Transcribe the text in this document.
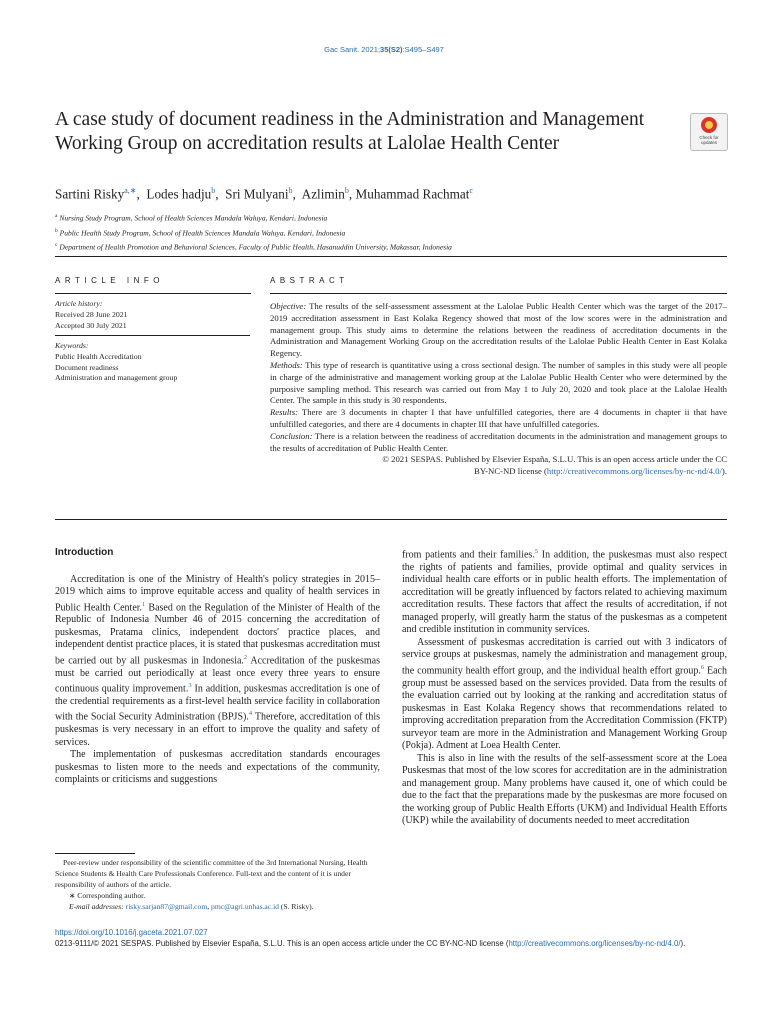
Gac Sanit. 2021;35(S2):S495–S497
A case study of document readiness in the Administration and Management Working Group on accreditation results at Lalolae Health Center	Check for
updates
Sartini Risky$^{a,∗}$,  Lodes hadju$^b$,  Sri Mulyani$^b$,  Azlimin$^b$, Muhammad Rachmat$^c$
$^a$ Nursing Study Program, School of Health Sciences Mandala Waluya, Kendari, Indonesia
$^b$ Public Health Study Program, School of Health Sciences Mandala Waluya, Kendari, Indonesia
$^c$ Department of Health Promotion and Behavioral Sciences, Faculty of Public Health, Hasanuddin University, Makassar, Indonesia
ARTICLE INFO	ABSTRACT
Article history:
Received 28 June 2021
Accepted 30 July 2021
Keywords:
Public Health Accreditation
Document readiness
Administration and management group

Objective: The results of the self-assessment assessment at the Lalolae Public Health Center which was the target of the 2017–2019 accreditation assessment in East Kolaka Regency showed that most of the low scores were in the administration and management group. This study aims to determine the relations between the readiness of accreditation documents in the Administration and Management Working Group on the accreditation results of the Lalolae Public Health Center in East Kolaka Regency.

Methods: This type of research is quantitative using a cross sectional design. The number of samples in this study were all people in charge of the administrative and management working group at the Lalolae Public Health Center who were determined by the purposive sampling method. This research was carried out from May 1 to July 20, 2020 and took place at the Lalolae Health Center. The sample in this study is 30 respondents.

Results: There are 3 documents in chapter I that have unfulfilled categories, there are 4 documents in chapter ii that have unfulfilled categories, and there are 4 documents in chapter III that have unfulfilled categories.

Conclusion: There is a relation between the readiness of accreditation documents in the administration and management groups to the results of accreditation of Public Health Center.

© 2021 SESPAS. Published by Elsevier España, S.L.U. This is an open access article under the CC
BY-NC-ND license (http://creativecommons.org/licenses/by-nc-nd/4.0/).

Introduction

Accreditation is one of the Ministry of Health's policy strategies in 2015–2019 which aims to improve equitable access and quality of health services in Public Health Center.$^1$ Based on the Regulation of the Minister of Health of the Republic of Indonesia Number 46 of 2015 concerning the accreditation of puskesmas, Pratama clinics, independent doctors' practice places, and independent dentist practice places, it is stated that puskesmas accreditation must be carried out by all puskesmas in Indonesia.$^2$ Accreditation of the puskesmas must be carried out periodically at least once every three years to ensure continuous quality improvement.$^3$ In addition, puskesmas accreditation is one of the credential requirements as a first-level health service facility in collaboration with the Social Security Administration (BPJS).$^4$ Therefore, accreditation of this puskesmas is very necessary in an effort to improve the quality and safety of services.

The implementation of puskesmas accreditation standards encourages puskesmas to listen more to the needs and expectations of the community, complaints or criticisms and suggestions

from patients and their families.$^5$ In addition, the puskesmas must also respect the rights of patients and families, provide optimal and quality services in individual health care efforts or in public health efforts. The implementation of accreditation will be greatly influenced by factors related to achieving maximum accreditation results. These factors that affect the results of accreditation, if not managed properly, will greatly harm the status of the puskesmas as a competent and credible institution in community services.

Assessment of puskesmas accreditation is carried out with 3 indicators of service groups at puskesmas, namely the administration and management group, the community health effort group, and the individual health effort group.$^6$ Each group must be assessed based on the services provided. Data from the results of the evaluation carried out by looking at the ranking and accreditation status of puskesmas in East Kolaka Regency shows that recommendations related to improving accreditation preparation from the Accreditation Commission (FKTP) surveyor team are more in the Administration and Management Working Group (Pokja). Adment at Loea Health Center.

This is also in line with the results of the self-assessment score at the Loea Puskesmas that most of the low scores for accreditation are in the administration and management group. Many problems have caused it, one of which could be due to the fact that the preparations made by the puskesmas are more focused on the working group of Public Health Efforts (UKM) and Individual Health Efforts (UKP) while the availability of documents needed to meet accreditation

Peer-review under responsibility of the scientific committee of the 3rd International Nursing, Health Science Students & Health Care Professionals Conference. Full-text and the content of it is under responsibility of authors of the article.

∗ Corresponding author.

E-mail addresses: risky.sarjan87@gmail.com, pmc@agri.unhas.ac.id (S. Risky).

https://doi.org/10.1016/j.gaceta.2021.07.027

0213-9111/© 2021 SESPAS. Published by Elsevier España, S.L.U. This is an open access article under the CC BY-NC-ND license (http://creativecommons.org/licenses/by-nc-nd/4.0/).
